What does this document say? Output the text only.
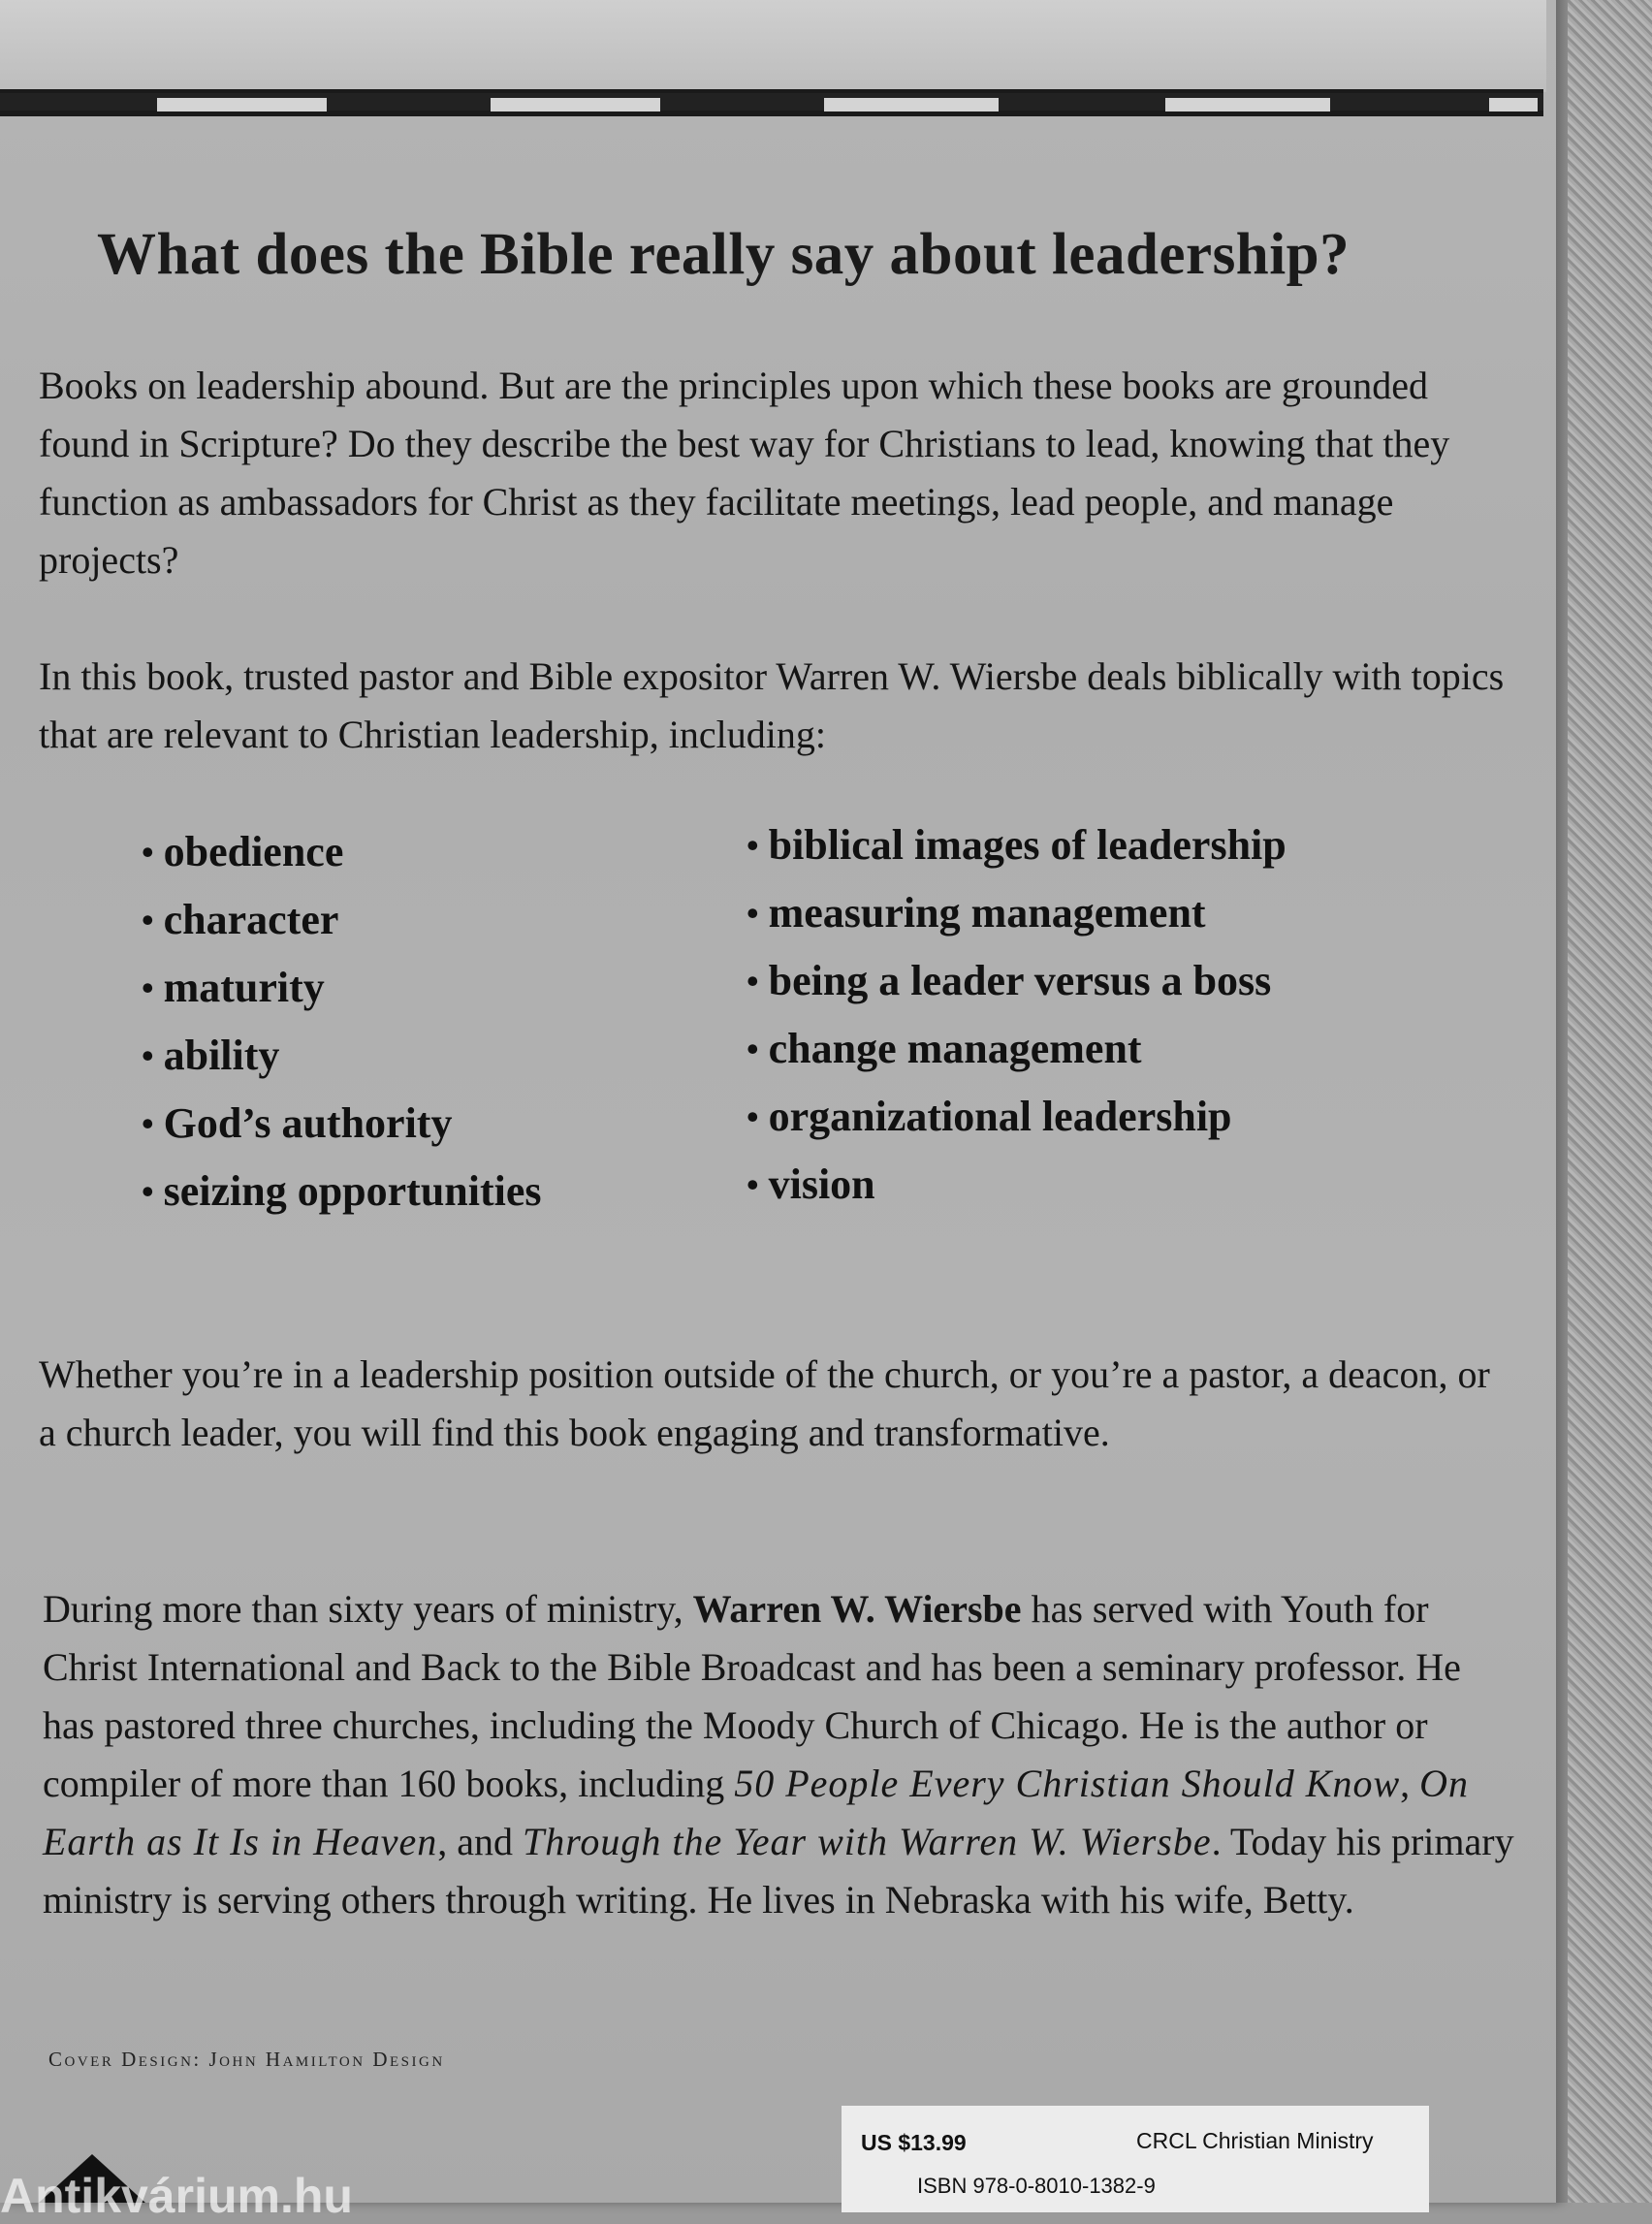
What does the Bible really say about leadership?

Books on leadership abound. But are the principles upon which these books are grounded found in Scripture? Do they describe the best way for Christians to lead, knowing that they function as ambassadors for Christ as they facilitate meetings, lead people, and manage projects?

In this book, trusted pastor and Bible expositor Warren W. Wiersbe deals biblically with topics that are relevant to Christian leadership, including:

• obedience
• character
• maturity
• ability
• God’s authority
• seizing opportunities
• biblical images of leadership
• measuring management
• being a leader versus a boss
• change management
• organizational leadership
• vision

Whether you’re in a leadership position outside of the church, or you’re a pastor, a deacon, or a church leader, you will find this book engaging and transformative.

During more than sixty years of ministry, Warren W. Wiersbe has served with Youth for Christ International and Back to the Bible Broadcast and has been a seminary professor. He has pastored three churches, including the Moody Church of Chicago. He is the author or compiler of more than 160 books, including 50 People Every Christian Should Know, On Earth as It Is in Heaven, and Through the Year with Warren W. Wiersbe. Today his primary ministry is serving others through writing. He lives in Nebraska with his wife, Betty.

Cover Design: John Hamilton Design

Antikvárium.hu
US $13.99	CRCL Christian Ministry
ISBN 978-0-8010-1382-9
